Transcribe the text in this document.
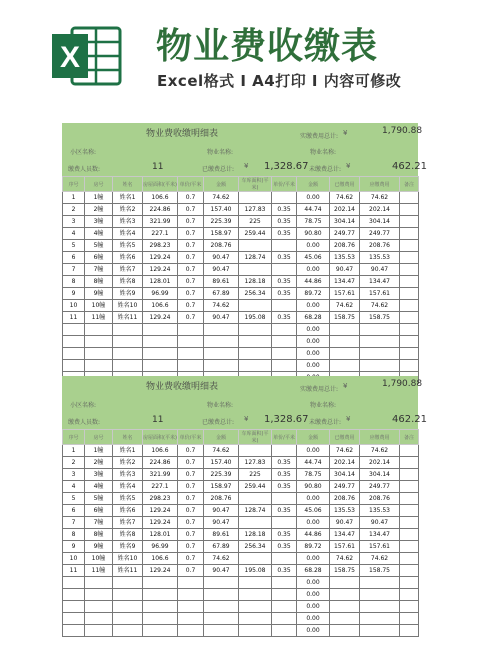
X 物业费收缴表
Excel格式 I A4打印 I 内容可修改
物业费收缴明细表	实缴费用总计: ¥	1,790.88
小区名称:	物业名称:	物业名称:
缴费人员数:	11	已缴费总计: ¥ 1,328.67 未缴费总计: ¥	462.21
序号	房号	姓名	房屋面积(平米)	单价/平米	金额	车库面积(平米)	单价/平米	金额	已缴费用	应缴费用	备注
1	1幢	姓名1	106.6	0.7	74.62			0.00	74.62	74.62	
2	2幢	姓名2	224.86	0.7	157.40	127.83	0.35	44.74	202.14	202.14	
3	3幢	姓名3	321.99	0.7	225.39	225	0.35	78.75	304.14	304.14	
4	4幢	姓名4	227.1	0.7	158.97	259.44	0.35	90.80	249.77	249.77	
5	5幢	姓名5	298.23	0.7	208.76			0.00	208.76	208.76	
6	6幢	姓名6	129.24	0.7	90.47	128.74	0.35	45.06	135.53	135.53	
7	7幢	姓名7	129.24	0.7	90.47			0.00	90.47	90.47	
8	8幢	姓名8	128.01	0.7	89.61	128.18	0.35	44.86	134.47	134.47	
9	9幢	姓名9	96.99	0.7	67.89	256.34	0.35	89.72	157.61	157.61	
10	10幢	姓名10	106.6	0.7	74.62			0.00	74.62	74.62	
11	11幢	姓名11	129.24	0.7	90.47	195.08	0.35	68.28	158.75	158.75	
								0.00			
								0.00			
								0.00			
								0.00			

物业费收缴明细表	实缴费用总计: ¥	1,790.88
小区名称:	物业名称:	物业名称:
缴费人员数:	11	已缴费总计: ¥ 1,328.67 未缴费总计: ¥	462.21
序号	房号	姓名	房屋面积(平米)	单价/平米	金额	车库面积(平米)	单价/平米	金额	已缴费用	应缴费用	备注
1	1幢	姓名1	106.6	0.7	74.62			0.00	74.62	74.62	
2	2幢	姓名2	224.86	0.7	157.40	127.83	0.35	44.74	202.14	202.14	
3	3幢	姓名3	321.99	0.7	225.39	225	0.35	78.75	304.14	304.14	
4	4幢	姓名4	227.1	0.7	158.97	259.44	0.35	90.80	249.77	249.77	
5	5幢	姓名5	298.23	0.7	208.76			0.00	208.76	208.76	
6	6幢	姓名6	129.24	0.7	90.47	128.74	0.35	45.06	135.53	135.53	
7	7幢	姓名7	129.24	0.7	90.47			0.00	90.47	90.47	
8	8幢	姓名8	128.01	0.7	89.61	128.18	0.35	44.86	134.47	134.47	
9	9幢	姓名9	96.99	0.7	67.89	256.34	0.35	89.72	157.61	157.61	
10	10幢	姓名10	106.6	0.7	74.62			0.00	74.62	74.62	
11	11幢	姓名11	129.24	0.7	90.47	195.08	0.35	68.28	158.75	158.75	
								0.00			
								0.00			
								0.00			
								0.00			
								0.00			
